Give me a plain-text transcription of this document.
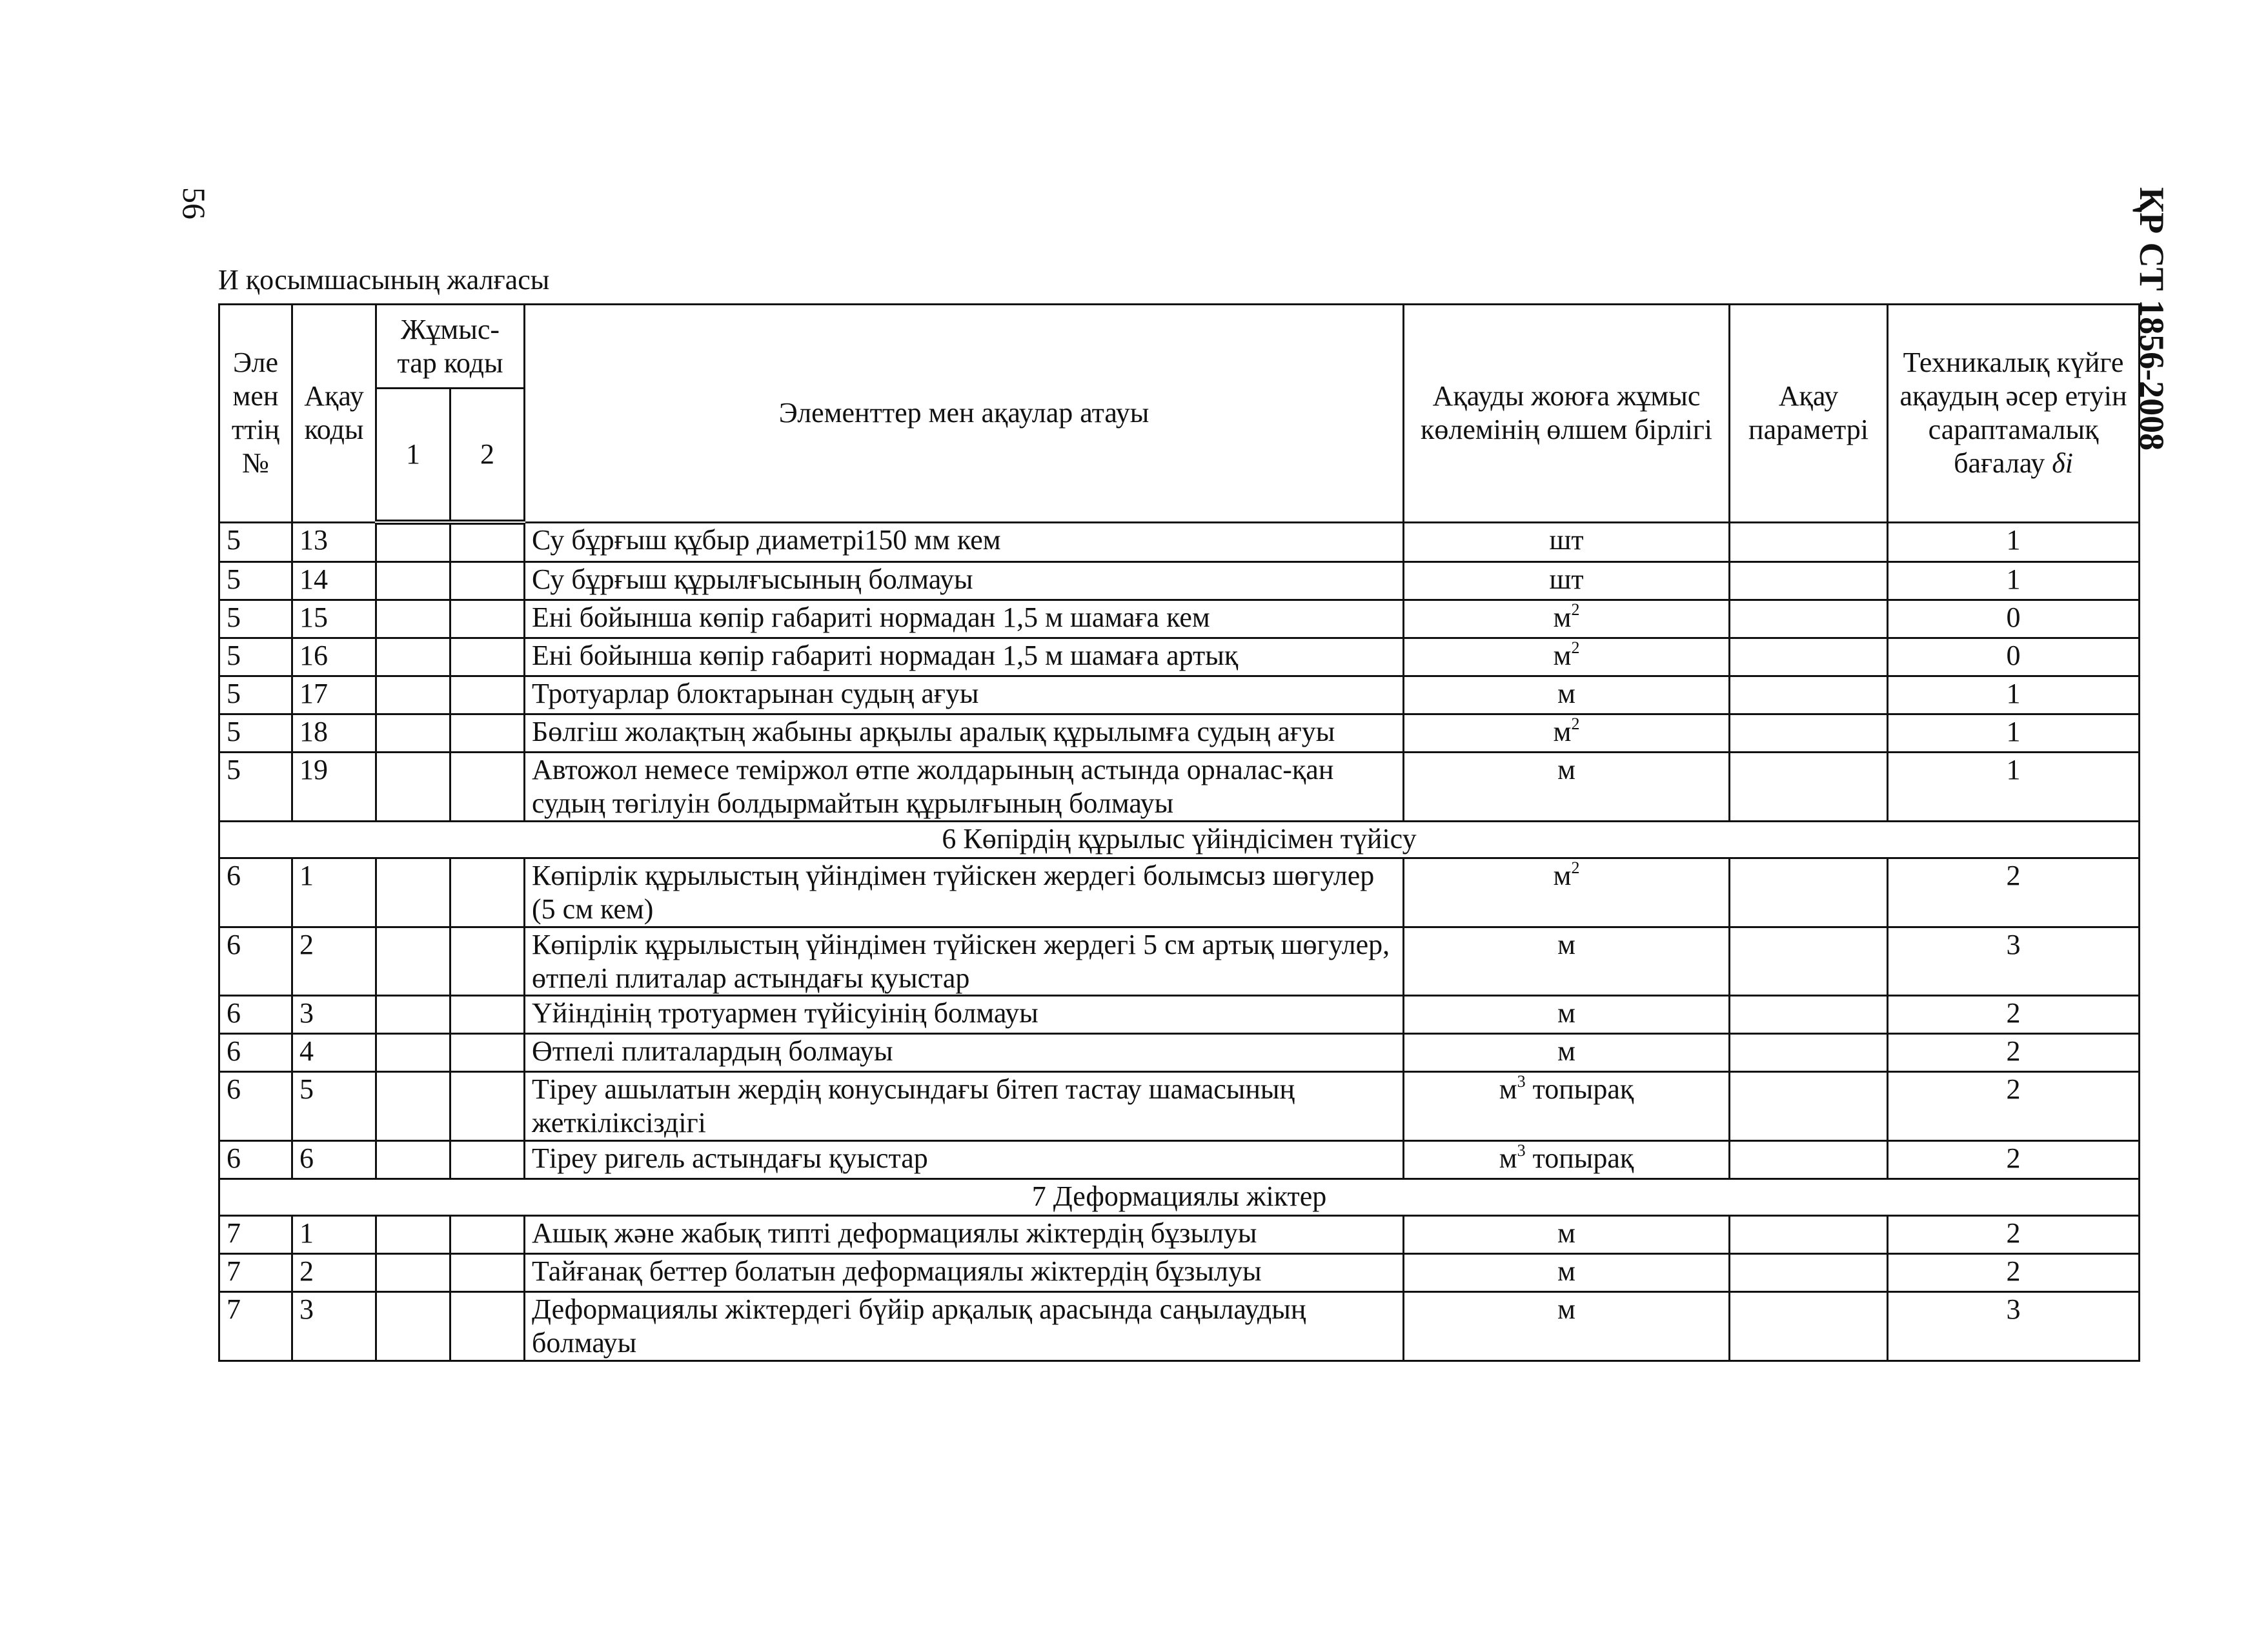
56	ҚР СТ 1856-2008
И қосымшасының жалғасы
Эле мен ттің №	Ақау коды	Жұмыс- тар коды		Элементтер мен ақаулар атауы	Ақауды жоюға жұмыс көлемінің өлшем бірлігі	Ақау параметрі	Техникалық күйге ақаудың әсер етуін сараптамалық бағалау δi
		1	2				
5	13			Су бұрғыш құбыр диаметрі150 мм кем	шт		1
5	14			Су бұрғыш құрылғысының болмауы	шт		1
5	15			Ені бойынша көпір габариті нормадан 1,5 м шамаға кем	$м^2$		0
5	16			Ені бойынша көпір габариті нормадан 1,5 м шамаға артық	$м^2$		0
5	17			Тротуарлар блоктарынан судың ағуы	м		1
5	18			Бөлгіш жолақтың жабыны арқылы аралық құрылымға судың ағуы	$м^2$		1
5	19			Автожол немесе теміржол өтпе жолдарының астында орналас-қан судың төгілуін болдырмайтын құрылғының болмауы	м		1
6 Көпірдің құрылыс үйіндісімен түйісу							
6	1			Көпірлік құрылыстың үйіндімен түйіскен жердегі болымсыз шөгулер (5 см кем)	$м^2$		2
6	2			Көпірлік құрылыстың үйіндімен түйіскен жердегі 5 см артық шөгулер, өтпелі плиталар астындағы қуыстар	м		3
6	3			Үйіндінің тротуармен түйісуінің болмауы	м		2
6	4			Өтпелі плиталардың болмауы	м		2
6	5			Тіреу ашылатын жердің конусындағы бітеп тастау шамасының жеткіліксіздігі	$м^3$ топырақ		2
6	6			Тіреу ригель астындағы қуыстар	$м^3$ топырақ		2
7 Деформациялы жіктер							
7	1			Ашық және жабық типті деформациялы жіктердің бұзылуы	м		2
7	2			Тайғанақ беттер болатын деформациялы жіктердің бұзылуы	м		2
7	3			Деформациялы жіктердегі бүйір арқалық арасында саңылаудың болмауы	м		3
